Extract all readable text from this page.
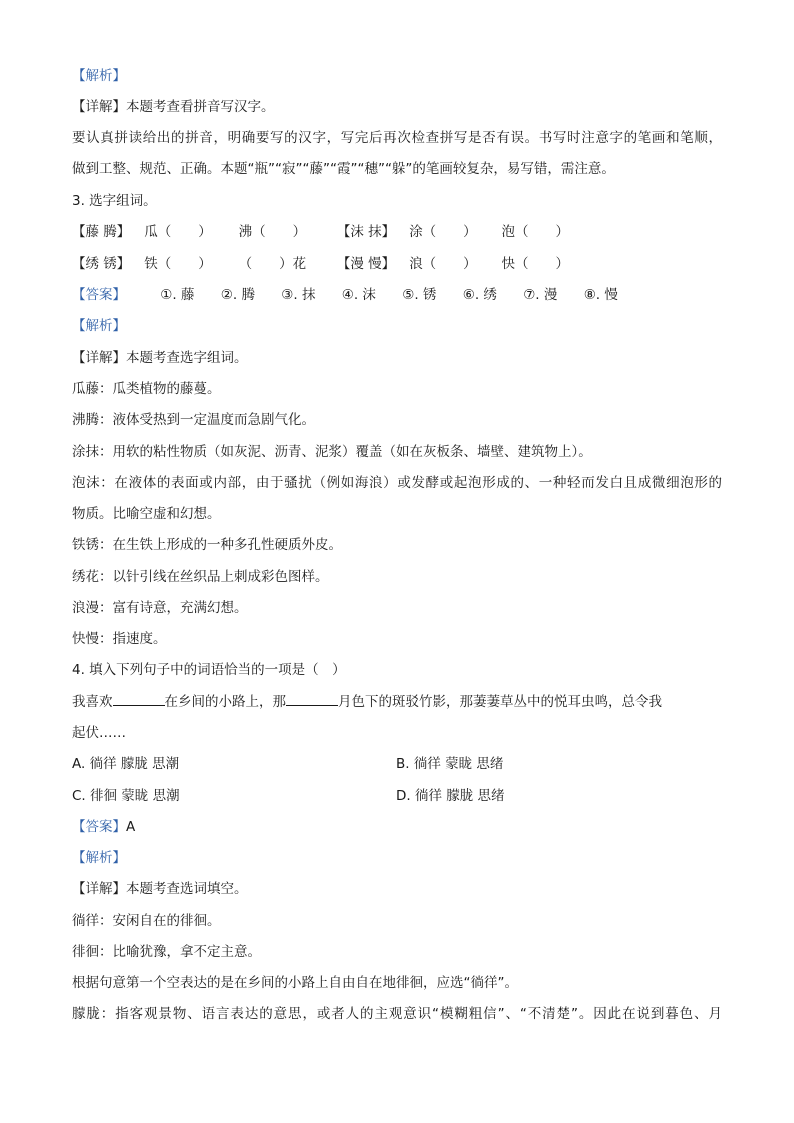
【解析】
【详解】本题考查看拼音写汉字。
要认真拼读给出的拼音，明确要写的汉字，写完后再次检查拼写是否有误。书写时注意字的笔画和笔顺，
做到工整、规范、正确。本题“瓶”“寂”“藤”“霞”“穗”“躲”的笔画较复杂，易写错，需注意。
3. 选字组词。
【藤 腾】 瓜（　　） 沸（　　） 【沫 抹】 涂（　　） 泡（　　）
【绣 锈】 铁（　　） （　　）花 【漫 慢】 浪（　　） 快（　　）
【答案】	①. 藤 ②. 腾 ③. 抹 ④. 沫 ⑤. 锈 ⑥. 绣 ⑦. 漫 ⑧. 慢
【解析】
【详解】本题考查选字组词。
瓜藤：瓜类植物的藤蔓。
沸腾：液体受热到一定温度而急剧气化。
涂抹：用软的粘性物质（如灰泥、沥青、泥浆）覆盖（如在灰板条、墙壁、建筑物上）。
泡沫：在液体的表面或内部，由于骚扰（例如海浪）或发酵或起泡形成的、一种轻而发白且成微细泡形的
物质。比喻空虚和幻想。
铁锈：在生铁上形成的一种多孔性硬质外皮。
绣花：以针引线在丝织品上刺成彩色图样。
浪漫：富有诗意，充满幻想。
快慢：指速度。
4. 填入下列句子中的词语恰当的一项是（　）
我喜欢	在乡间的小路上，那	月色下的斑驳竹影，那萋萋草丛中的悦耳虫鸣，总令我
起伏……
A. 徜徉 朦胧 思潮	B. 徜徉 蒙眬 思绪
C. 徘徊 蒙眬 思潮	D. 徜徉 朦胧 思绪
【答案】A
【解析】
【详解】本题考查选词填空。
徜徉：安闲自在的徘徊。
徘徊：比喻犹豫，拿不定主意。
根据句意第一个空表达的是在乡间的小路上自由自在地徘徊，应选“徜徉”。
朦胧：指客观景物、语言表达的意思，或者人的主观意识“模糊粗信”、“不清楚”。因此在说到暮色、月
